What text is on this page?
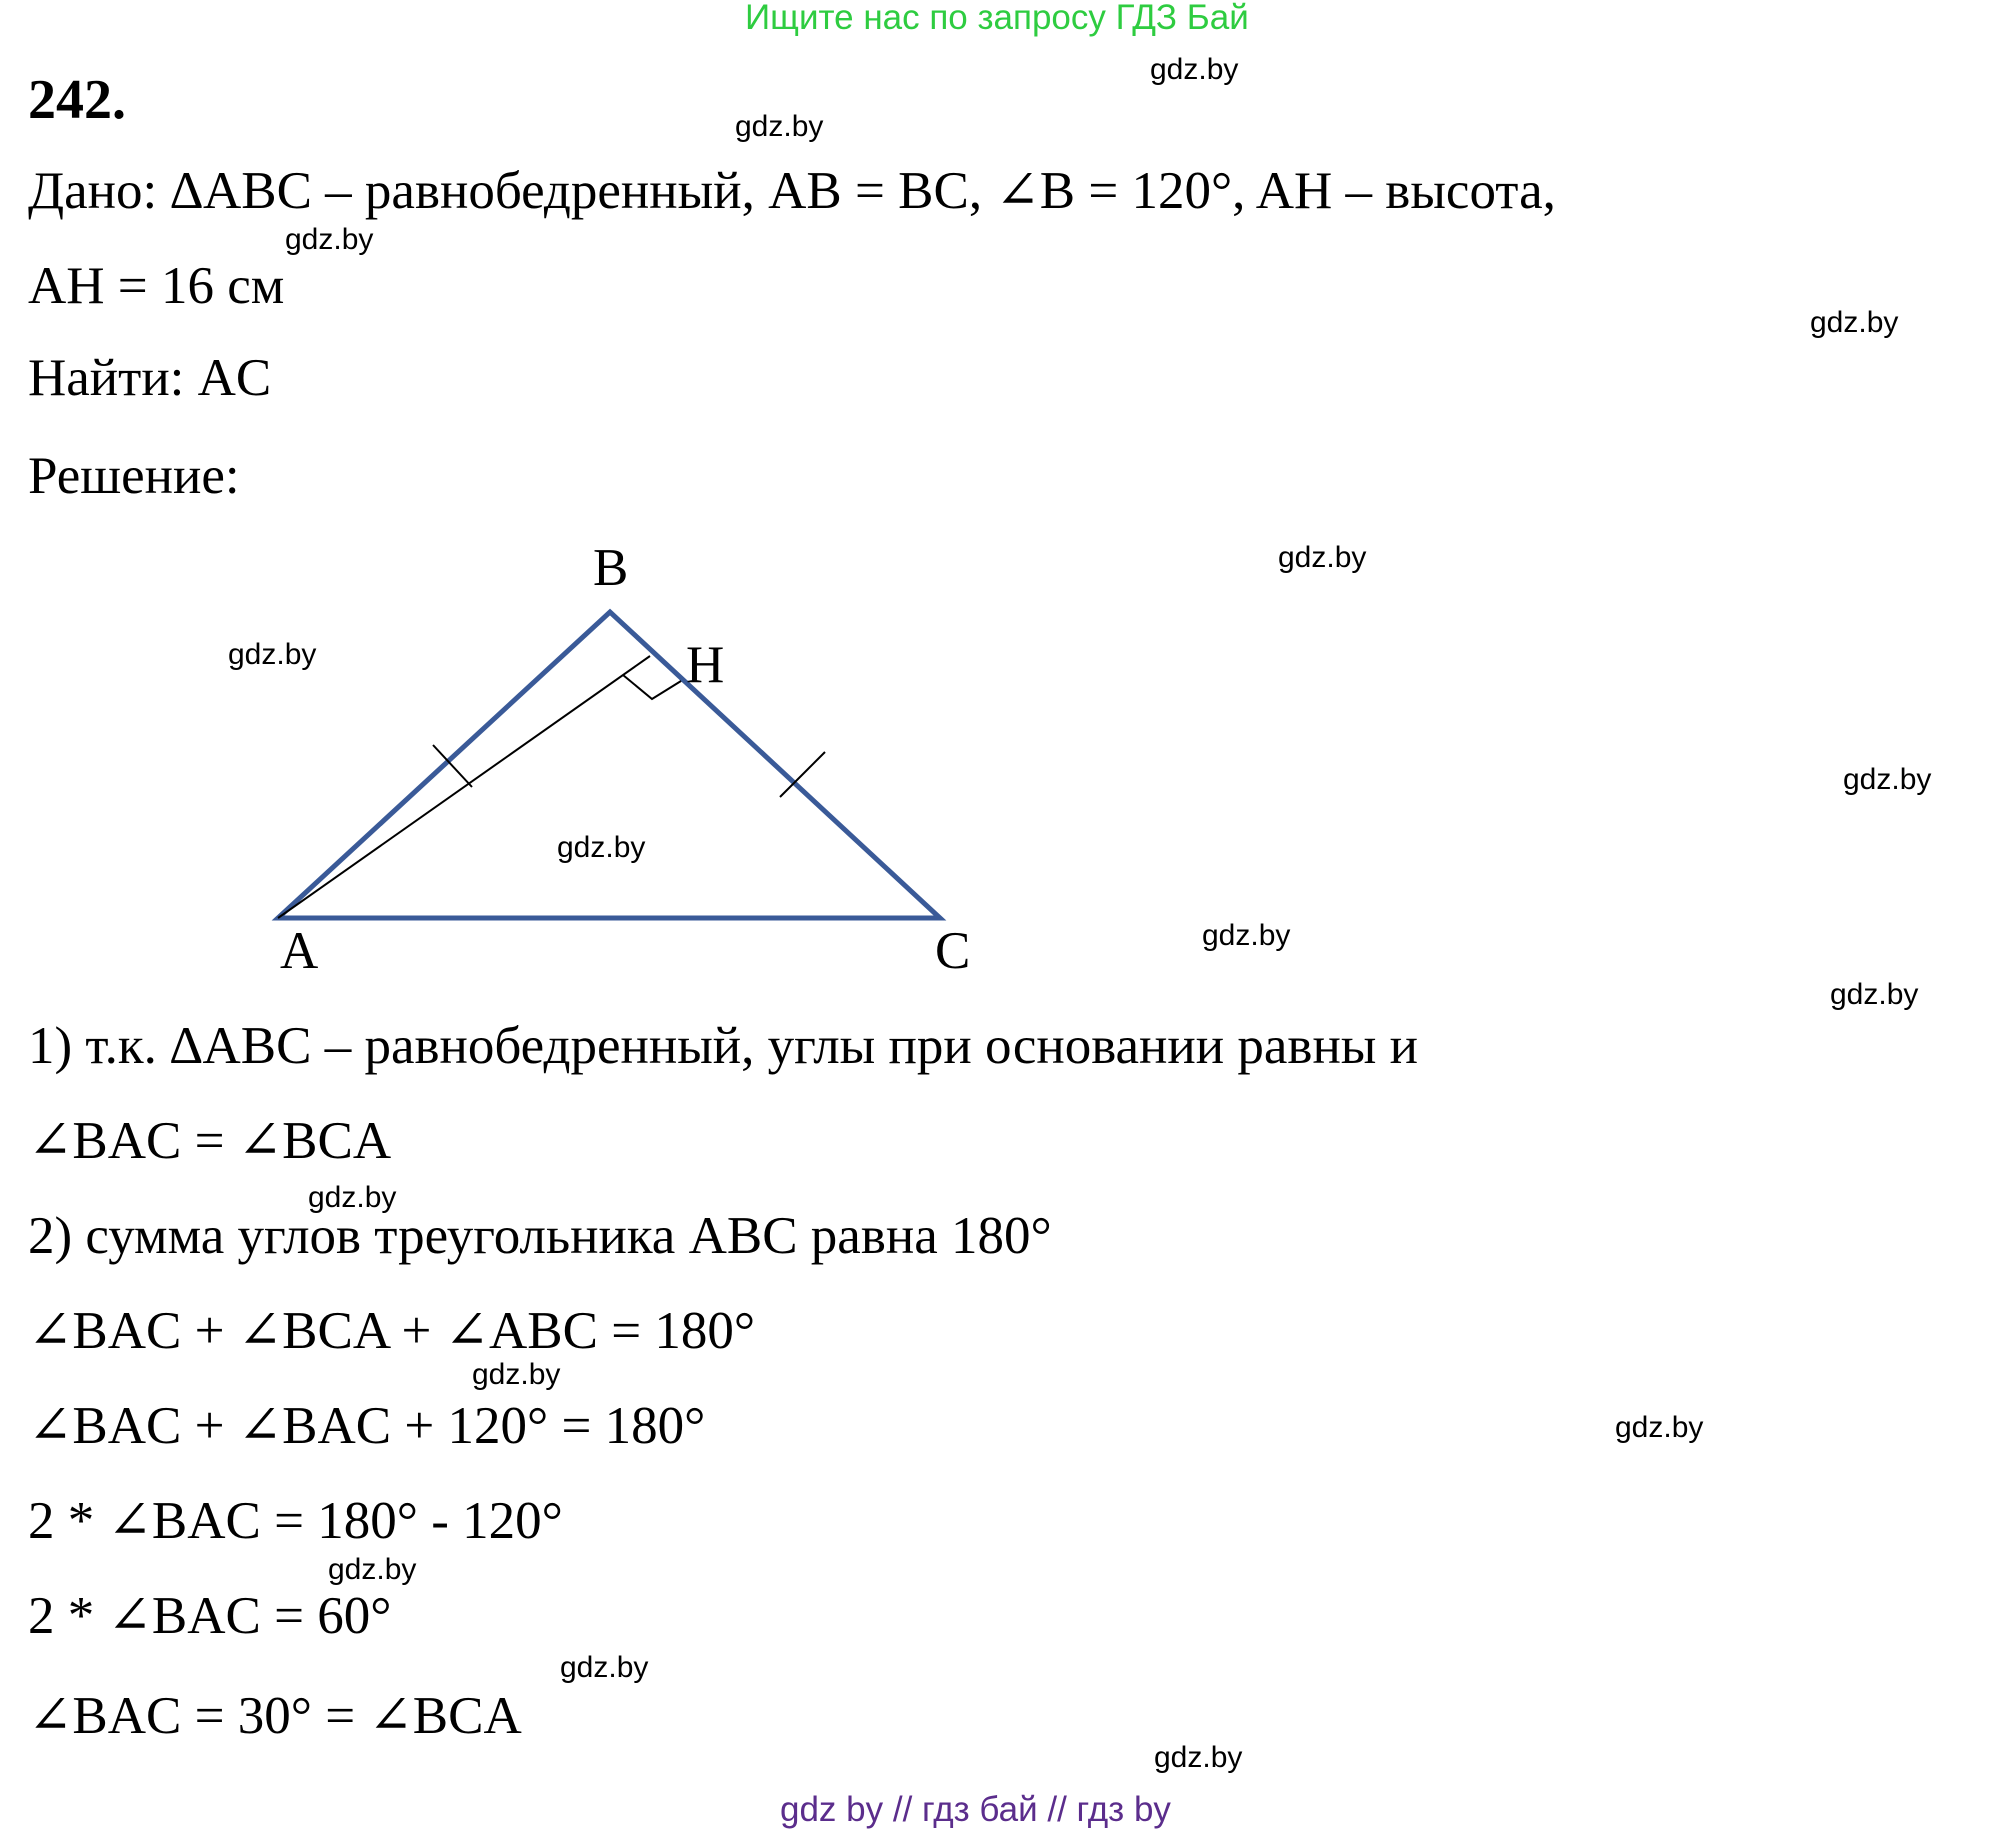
Ищите нас по запросу ГДЗ Бай
242.
Дано: ∆ABC – равнобедренный, AB = BC, ∠B = 120°, AH – высота,
AH = 16 см
Найти: AC
Решение:
B
H
A	C
1) т.к. ∆ABC – равнобедренный, углы при основании равны и
∠BAC = ∠BCA
2) сумма углов треугольника ABC равна 180°
∠BAC + ∠BCA + ∠ABC = 180°
∠BAC + ∠BAC + 120° = 180°
2 * ∠BAC = 180° - 120°
2 * ∠BAC = 60°
∠BAC = 30° = ∠BCA
gdz.by
gdz.by
gdz.by
gdz.by
gdz.by
gdz.by
gdz.by
gdz.by
gdz.by
gdz.by
gdz.by
gdz.by
gdz.by
gdz.by
gdz.by
gdz.by
gdz by // гдз бай // гдз by
